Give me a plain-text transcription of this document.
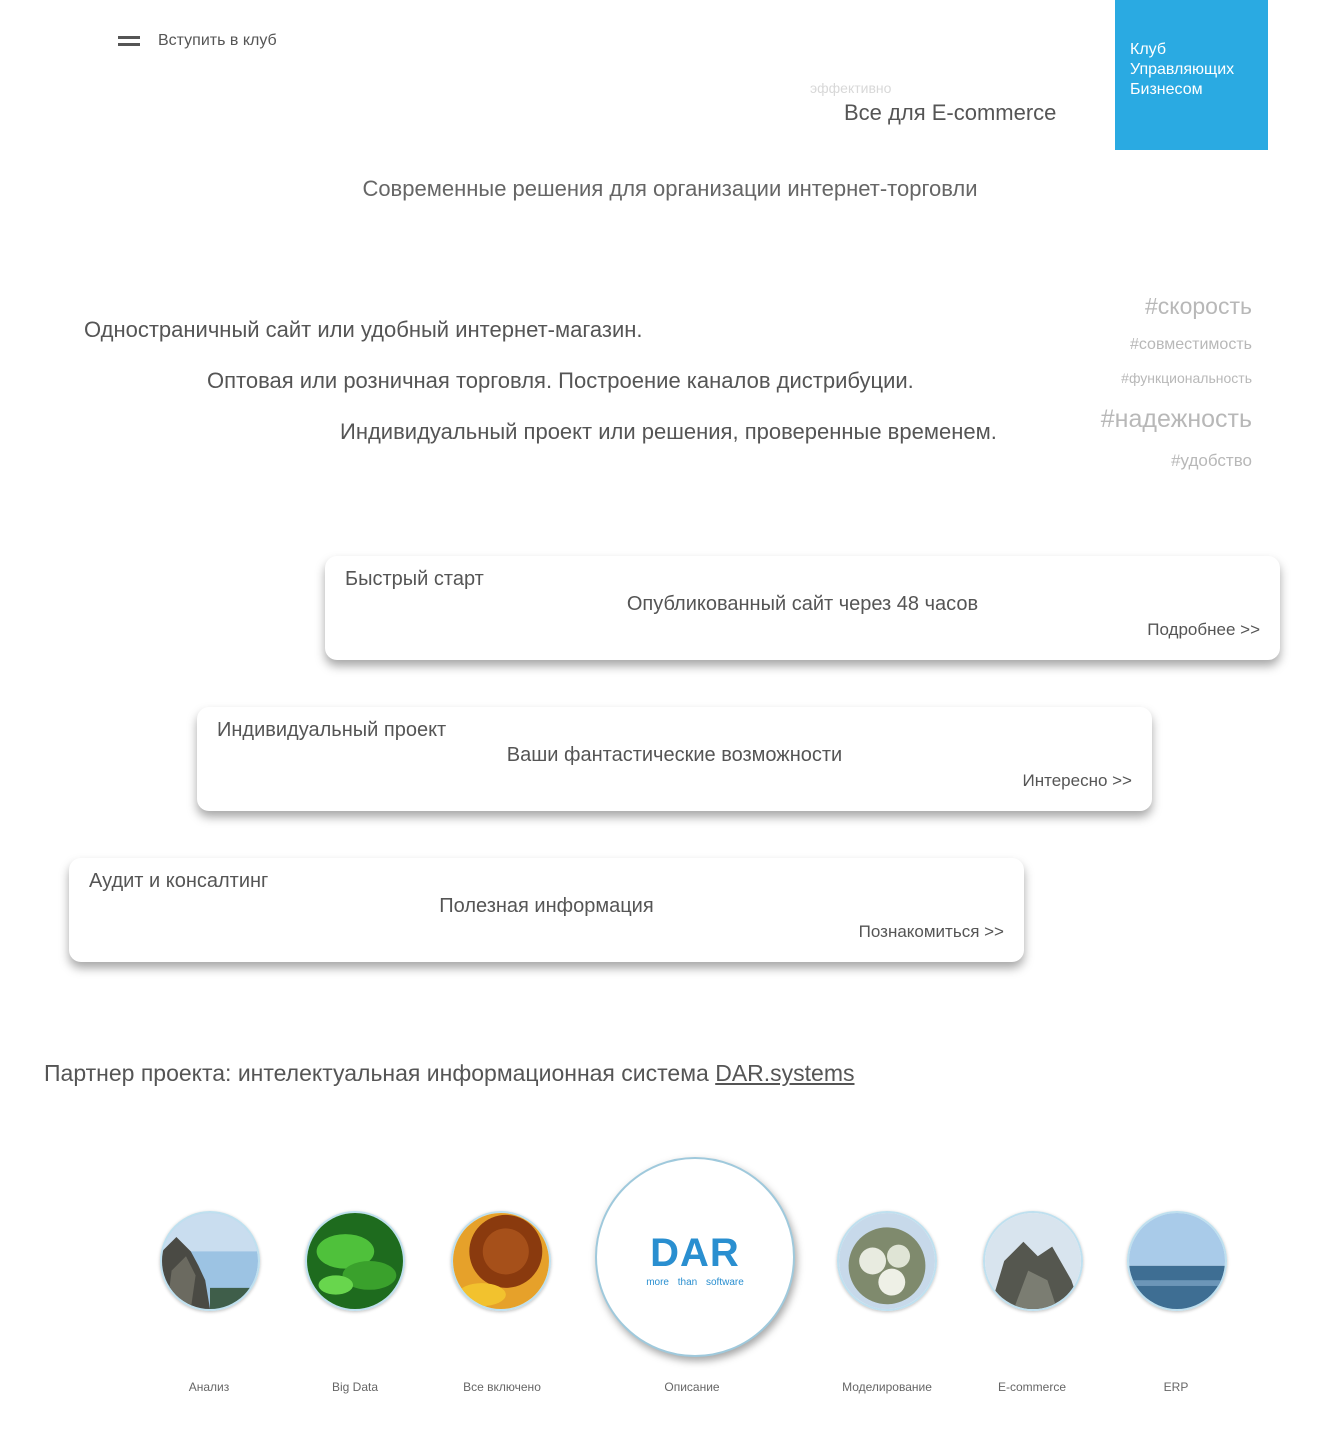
Вступить в клуб
эффективно
Все для E-commerce
Клуб
Управляющих
Бизнесом
Современные решения для организации интернет-торговли
Одностраничный сайт или удобный интернет-магазин.
Оптовая или розничная торговля. Построение каналов дистрибуции.
Индивидуальный проект или решения, проверенные временем.
#скорость
#совместимость
#функциональность
#надежность
#удобство
Быстрый старт
Опубликованный сайт через 48 часов
Подробнее >>
Индивидуальный проект
Ваши фантастические возможности
Интересно >>
Аудит и консалтинг
Полезная информация
Познакомиться >>
Партнер проекта: интелектуальная информационная система DAR.systems
DAR
more than software
Анализ	Big Data	Все включено	Описание	Моделирование	E-commerce	ERP
